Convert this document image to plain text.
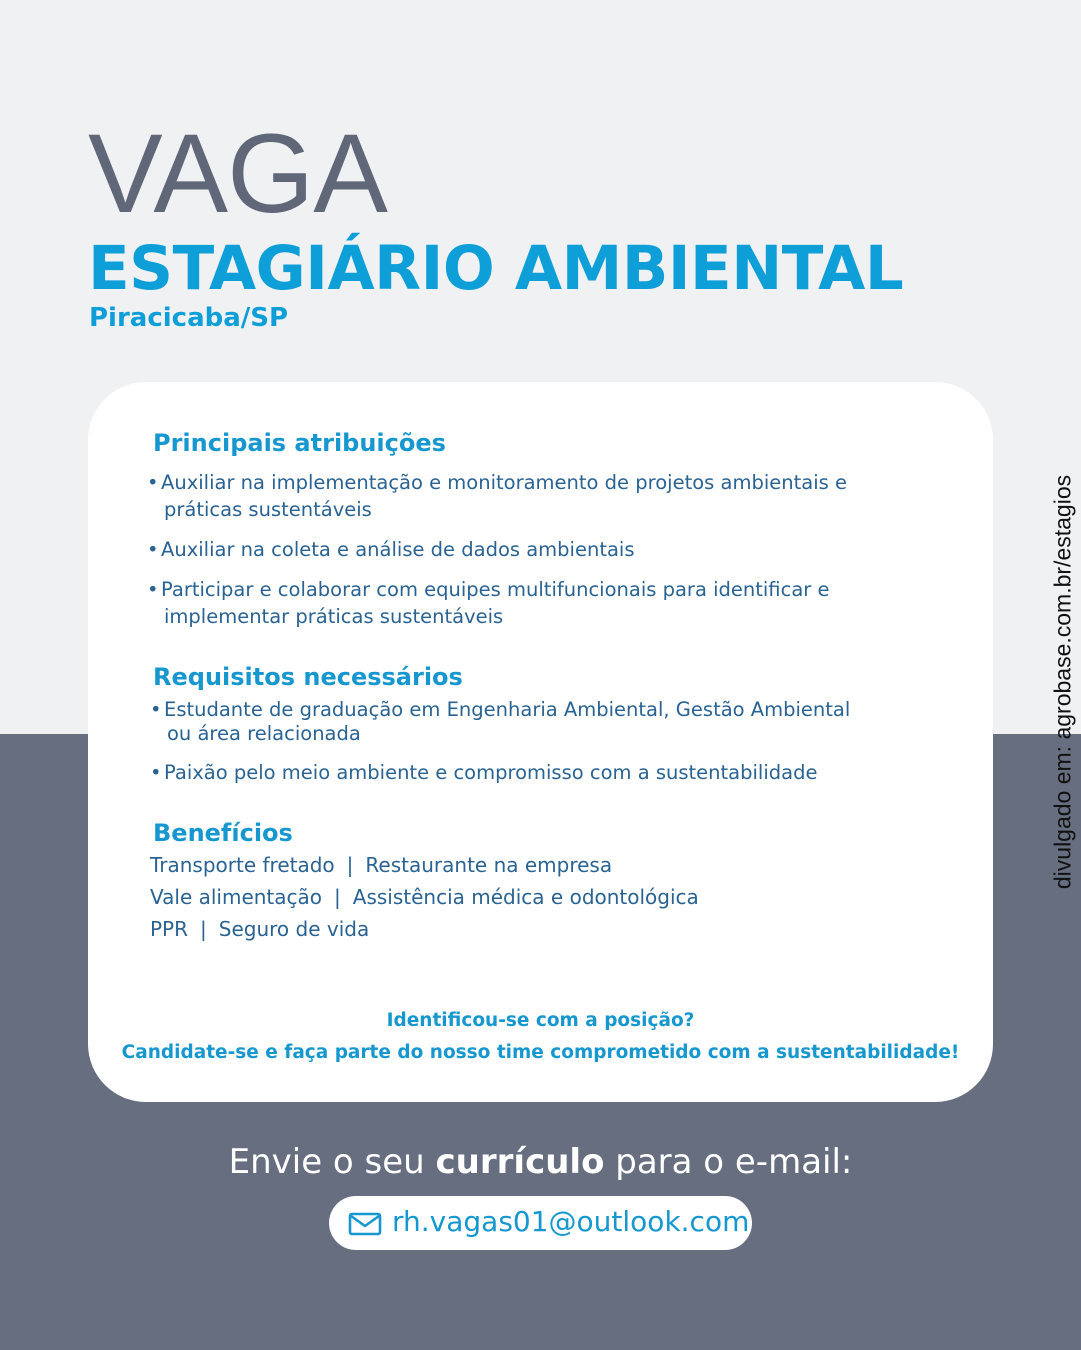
VAGA
ESTAGIÁRIO AMBIENTAL
Piracicaba/SP
divulgado em: agrobase.com.br/estagios
Principais atribuições
• Auxiliar na implementação e monitoramento de projetos ambientais e
práticas sustentáveis
• Auxiliar na coleta e análise de dados ambientais
• Participar e colaborar com equipes multifuncionais para identificar e
implementar práticas sustentáveis
Requisitos necessários
• Estudante de graduação em Engenharia Ambiental, Gestão Ambiental
ou área relacionada
• Paixão pelo meio ambiente e compromisso com a sustentabilidade
Benefícios
Transporte fretado | Restaurante na empresa
Vale alimentação | Assistência médica e odontológica
PPR | Seguro de vida
Identificou-se com a posição?
Candidate-se e faça parte do nosso time comprometido com a sustentabilidade!
Envie o seu currículo para o e-mail:
rh.vagas01@outlook.com
